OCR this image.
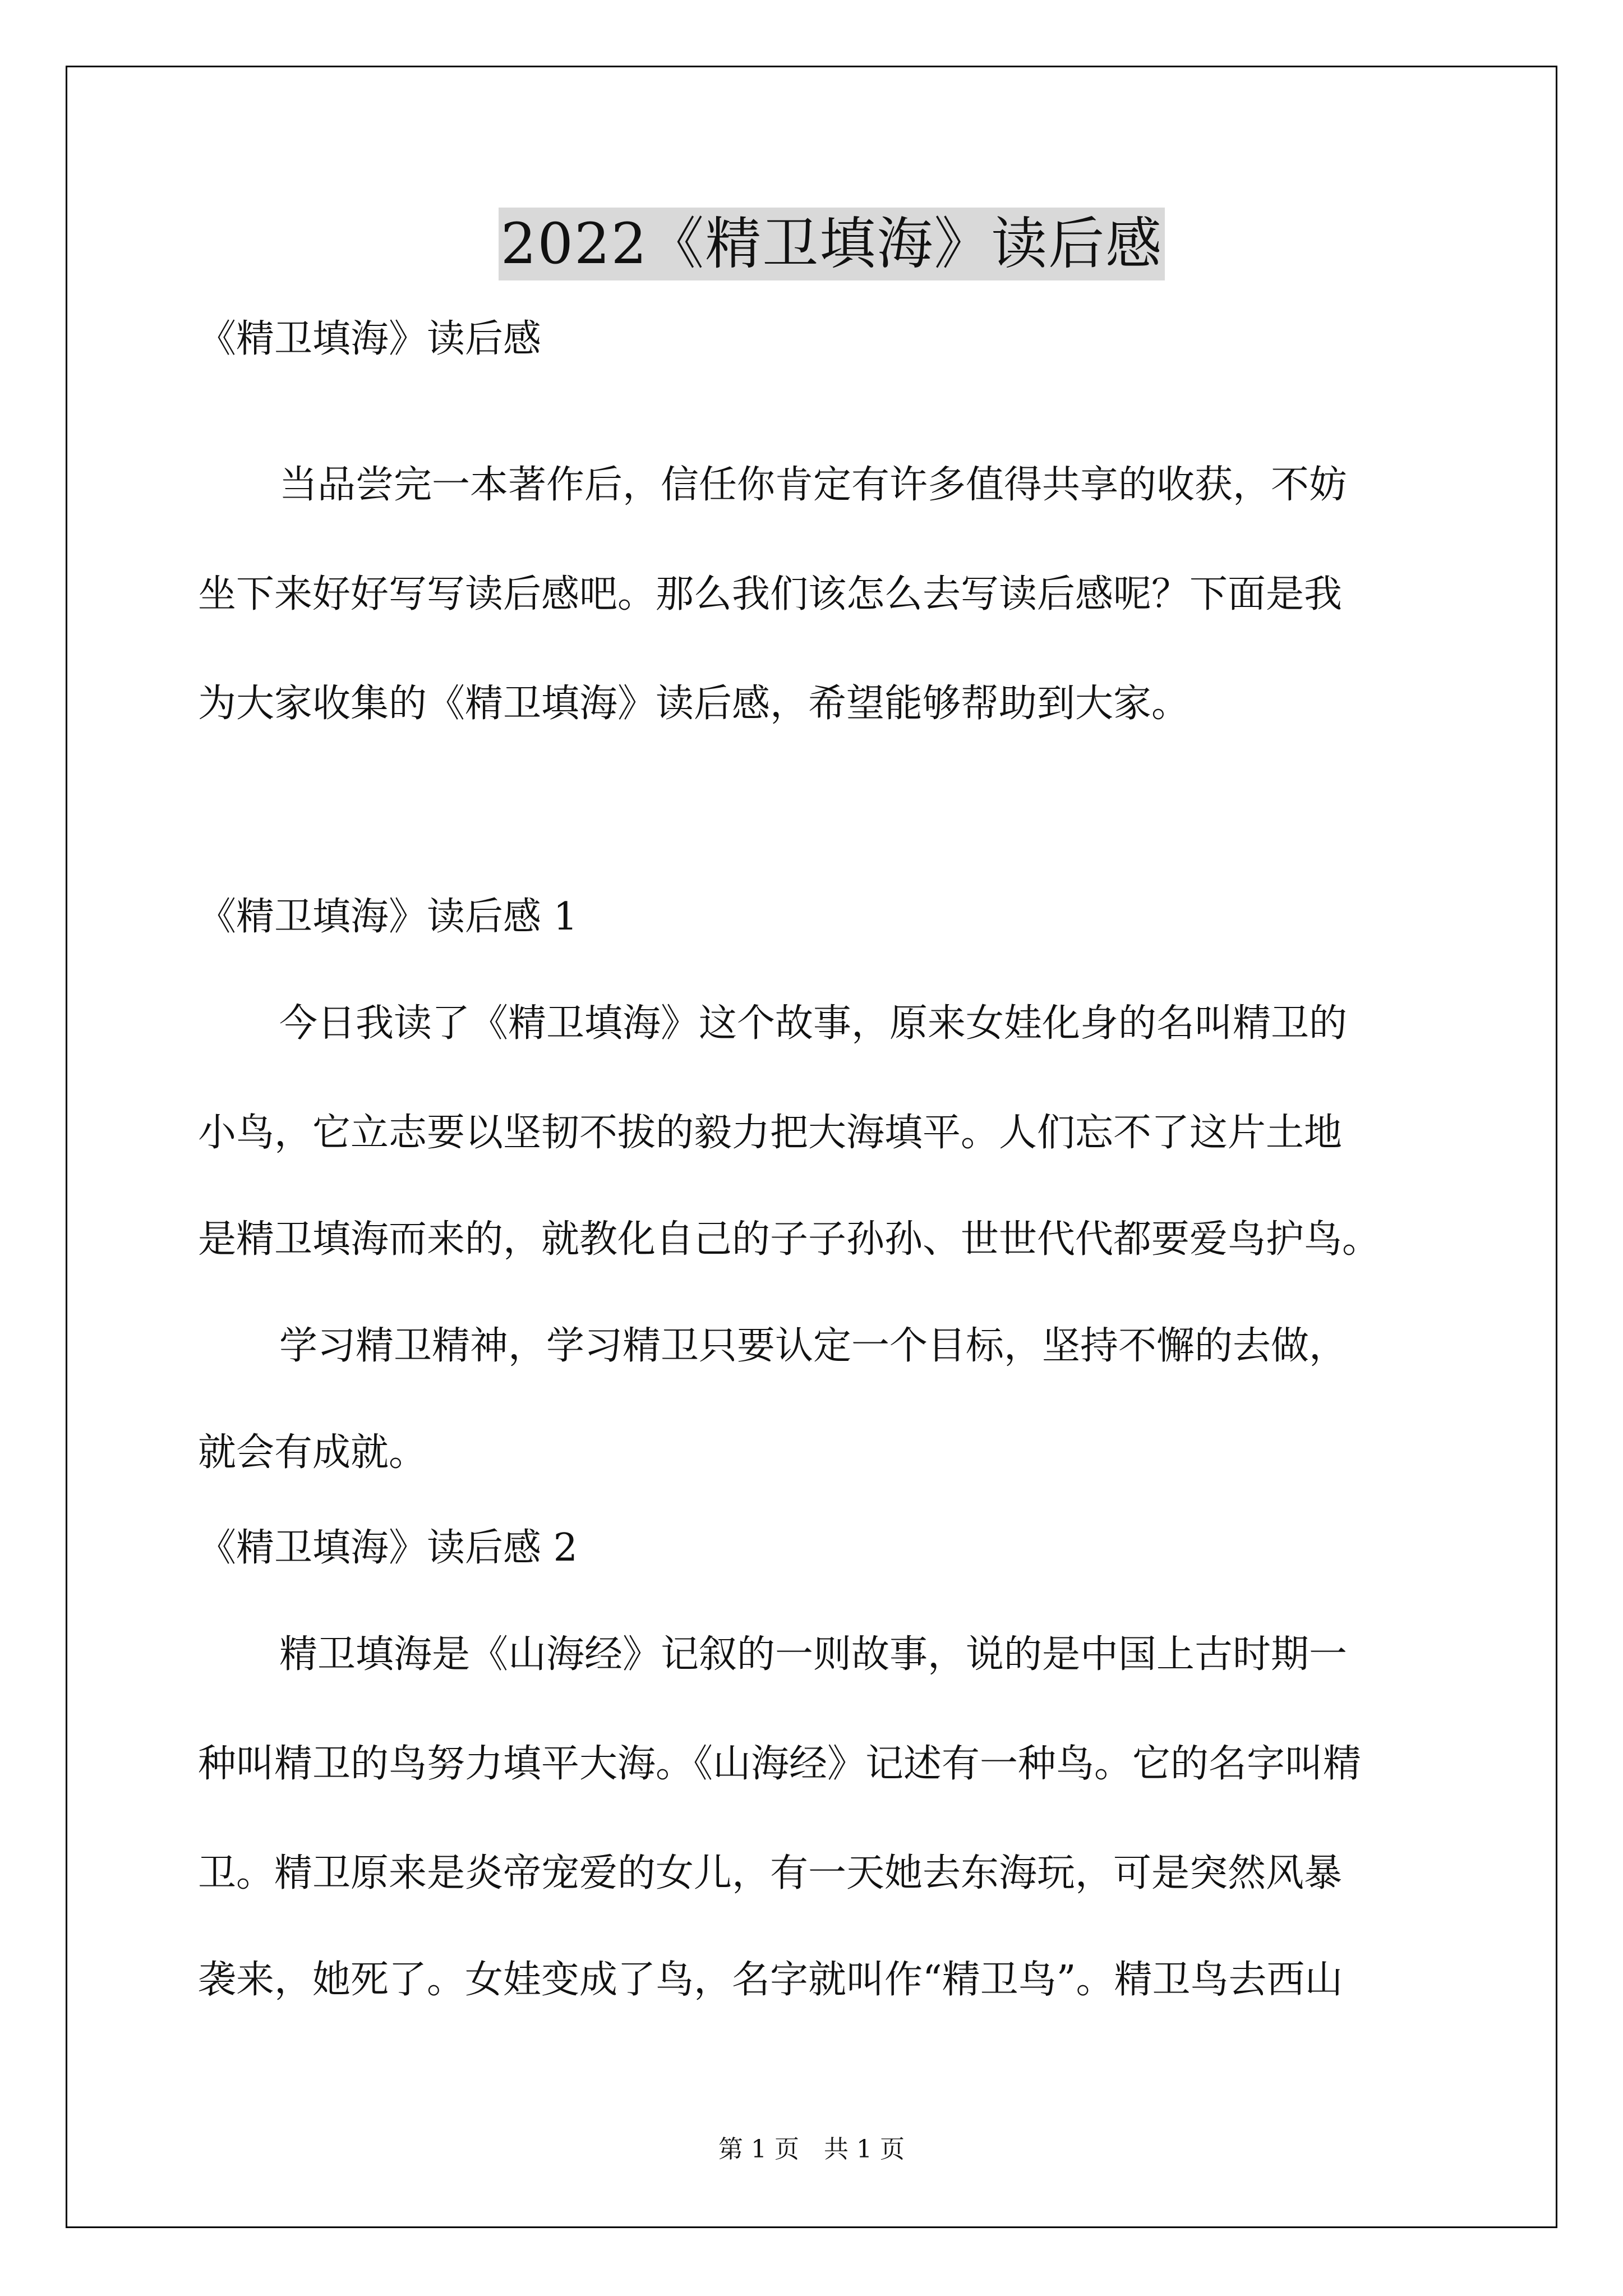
2022《精卫填海》读后感
《精卫填海》读后感
当品尝完一本著作后，信任你肯定有许多值得共享的收获，不妨
坐下来好好写写读后感吧。那么我们该怎么去写读后感呢？下面是我
为大家收集的《精卫填海》读后感，希望能够帮助到大家。
《精卫填海》读后感 1
今日我读了《精卫填海》这个故事，原来女娃化身的名叫精卫的
小鸟，它立志要以坚韧不拔的毅力把大海填平。人们忘不了这片土地
是精卫填海而来的，就教化自己的子子孙孙、世世代代都要爱鸟护鸟。
学习精卫精神，学习精卫只要认定一个目标，坚持不懈的去做，
就会有成就。
《精卫填海》读后感 2
精卫填海是《山海经》记叙的一则故事，说的是中国上古时期一
种叫精卫的鸟努力填平大海。《山海经》记述有一种鸟。它的名字叫精
卫。精卫原来是炎帝宠爱的女儿，有一天她去东海玩，可是突然风暴
袭来，她死了。女娃变成了鸟，名字就叫作“精卫鸟”。精卫鸟去西山
第 1 页　共 1 页
